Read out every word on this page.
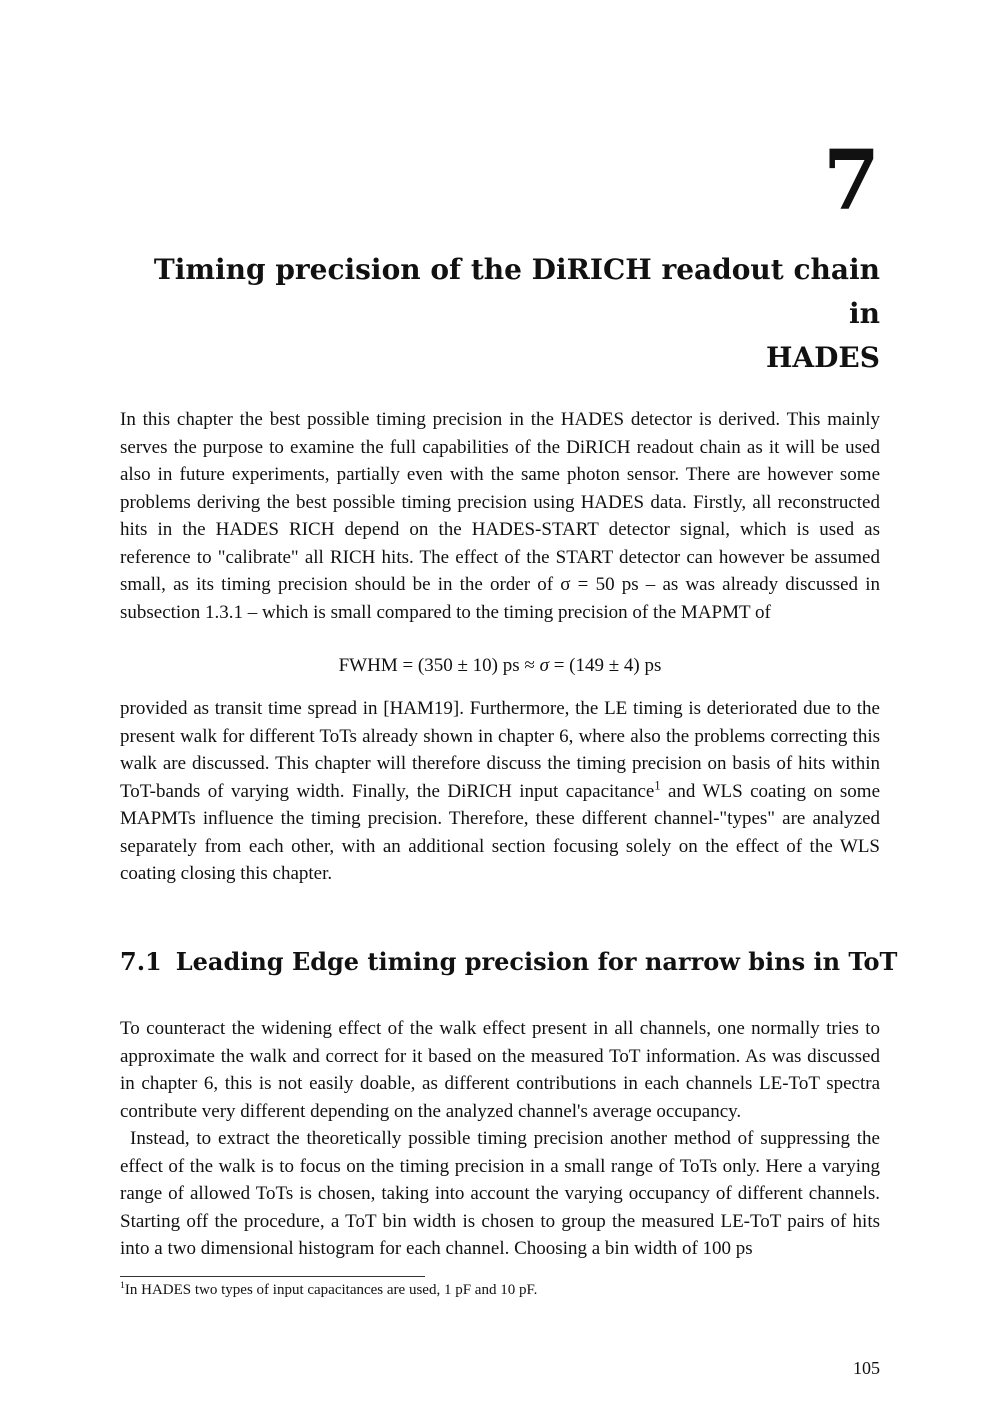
7
Timing precision of the DiRICH readout chain in
HADES

In this chapter the best possible timing precision in the HADES detector is derived. This mainly serves the purpose to examine the full capabilities of the DiRICH readout chain as it will be used also in future experiments, partially even with the same photon sensor. There are however some problems deriving the best possible timing precision using HADES data. Firstly, all reconstructed hits in the HADES RICH depend on the HADES-START detector signal, which is used as reference to "calibrate" all RICH hits. The effect of the START detector can however be assumed small, as its timing precision should be in the order of σ = 50 ps – as was already discussed in subsection 1.3.1 – which is small compared to the timing precision of the MAPMT of

FWHM = (350 ± 10) ps ≈ σ = (149 ± 4) ps

provided as transit time spread in [HAM19]. Furthermore, the LE timing is deteriorated due to the present walk for different ToTs already shown in chapter 6, where also the problems correcting this walk are discussed. This chapter will therefore discuss the timing precision on basis of hits within ToT-bands of varying width. Finally, the DiRICH input capacitance$^1$ and WLS coating on some MAPMTs influence the timing precision. Therefore, these different channel-"types" are analyzed separately from each other, with an additional section focusing solely on the effect of the WLS coating closing this chapter.

7.1 Leading Edge timing precision for narrow bins in ToT

To counteract the widening effect of the walk effect present in all channels, one normally tries to approximate the walk and correct for it based on the measured ToT information. As was discussed in chapter 6, this is not easily doable, as different contributions in each channels LE-ToT spectra contribute very different depending on the analyzed channel's average occupancy.

Instead, to extract the theoretically possible timing precision another method of suppressing the effect of the walk is to focus on the timing precision in a small range of ToTs only. Here a varying range of allowed ToTs is chosen, taking into account the varying occupancy of different channels. Starting off the procedure, a ToT bin width is chosen to group the measured LE-ToT pairs of hits into a two dimensional histogram for each channel. Choosing a bin width of 100 ps

$^1$In HADES two types of input capacitances are used, 1 pF and 10 pF.
105
